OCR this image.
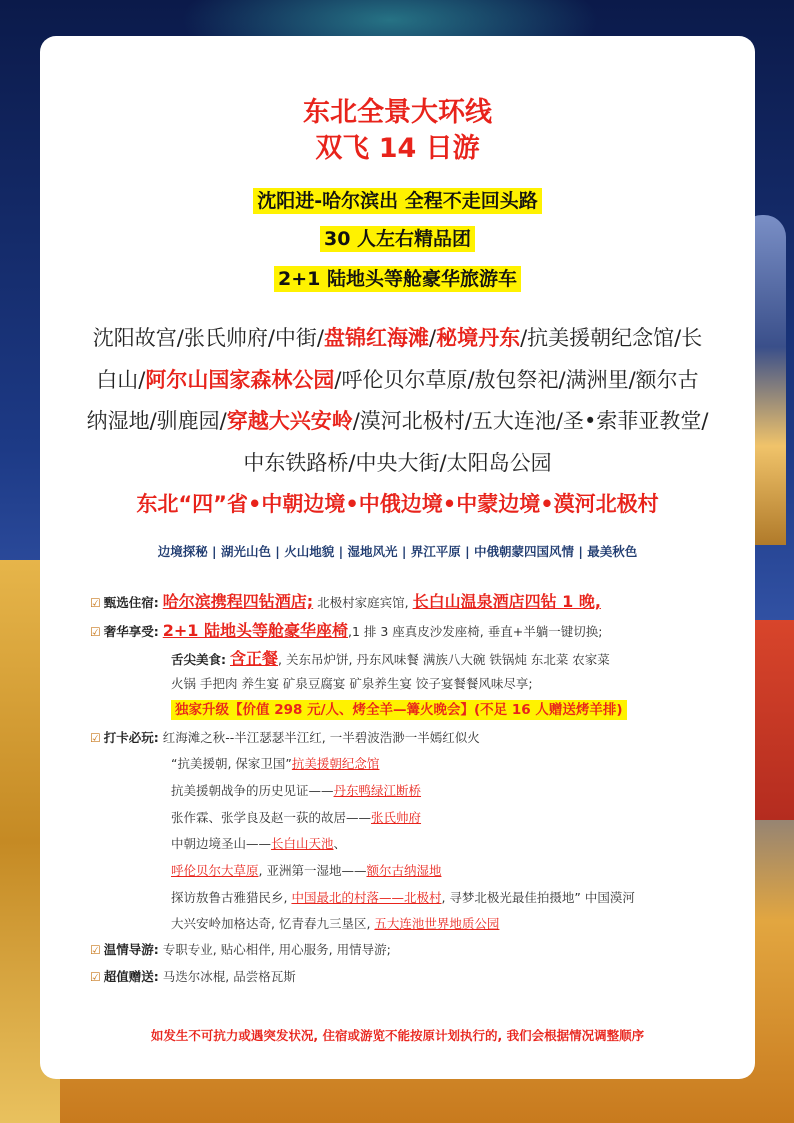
东北全景大环线
双飞 14 日游
沈阳进-哈尔滨出 全程不走回头路
30 人左右精品团
2+1 陆地头等舱豪华旅游车
沈阳故宫/张氏帅府/中街/盘锦红海滩/秘境丹东/抗美援朝纪念馆/长
白山/阿尔山国家森林公园/呼伦贝尔草原/敖包祭祀/满洲里/额尔古
纳湿地/驯鹿园/穿越大兴安岭/漠河北极村/五大连池/圣•索菲亚教堂/
中东铁路桥/中央大街/太阳岛公园
东北“四”省•中朝边境•中俄边境•中蒙边境•漠河北极村
边境探秘 | 湖光山色 | 火山地貌 | 湿地风光 | 界江平原 | 中俄朝蒙四国风情 | 最美秋色
☑ 甄选住宿: 哈尔滨携程四钻酒店; 北极村家庭宾馆, 长白山温泉酒店四钻 1 晚,
☑ 奢华享受: 2+1 陆地头等舱豪华座椅,1 排 3 座真皮沙发座椅, 垂直+半躺一键切换;
舌尖美食: 含正餐, 关东吊炉饼, 丹东风味餐 满族八大碗 铁锅炖 东北菜 农家菜
火锅 手把肉 养生宴 矿泉豆腐宴 矿泉养生宴 饺子宴餐餐风味尽享;
独家升级【价值 298 元/人、烤全羊—篝火晚会】(不足 16 人赠送烤羊排)
☑ 打卡必玩: 红海滩之秋--半江瑟瑟半江红, 一半碧波浩渺一半嫣红似火
“抗美援朝, 保家卫国”抗美援朝纪念馆
抗美援朝战争的历史见证——丹东鸭绿江断桥
张作霖、张学良及赵一荻的故居——张氏帅府
中朝边境圣山——长白山天池、
呼伦贝尔大草原, 亚洲第一湿地——额尔古纳湿地
探访敖鲁古雅猎民乡, 中国最北的村落——北极村, 寻梦北极光最佳拍摄地” 中国漠河
大兴安岭加格达奇, 忆青春九三垦区, 五大连池世界地质公园
☑ 温情导游: 专职专业, 贴心相伴, 用心服务, 用情导游;
☑ 超值赠送: 马迭尔冰棍, 品尝格瓦斯
如发生不可抗力或遇突发状况, 住宿或游览不能按原计划执行的, 我们会根据情况调整顺序
